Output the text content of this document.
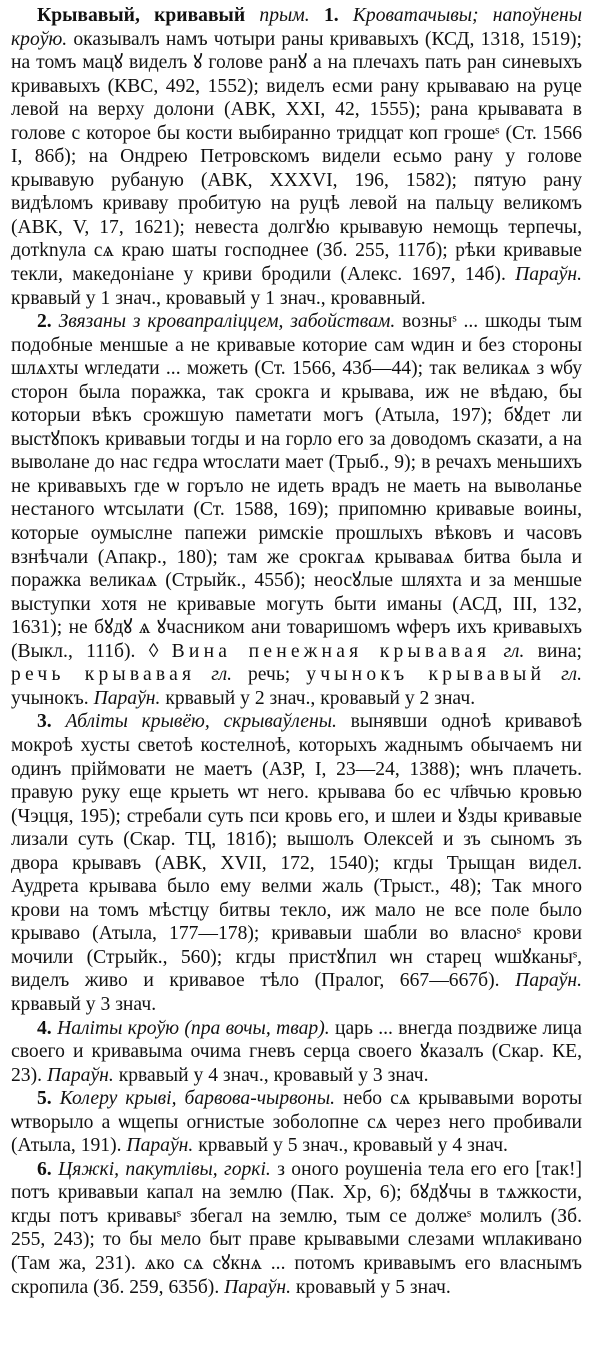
Крывавый, кривавый прым. 1. Кроватачывы; напоўнены кроўю. оказывалъ намъ чотыри раны кривавыхъ (КСД, 1318, 1519); на томъ мацꙋ виделъ ꙋ голове ранꙋ а на плечахъ пать ран синевыхъ кривавыхъ (КВС, 492, 1552); виделъ есми рану крываваю на руце левой на верху долони (АВК, XXI, 42, 1555); рана крывавата в голове с которое бы кости выбиранно тридцат коп грошеˢ (Ст. 1566 I, 86б); на Ондрею Петровскомъ видели есьмо рану у голове крывавую рубаную (АВК, XXXVI, 196, 1582); пятую рану видѣломъ криваву пробитую на руцѣ левой на пальцу великомъ (АВК, V, 17, 1621); невеста долгꙋю крывавую немощь терпечы, дотknула сѧ краю шаты господнее (Зб. 255, 117б); рѣки кривавые текли, македоніане у криви бродили (Алекс. 1697, 14б). Параўн. крвавый у 1 знач., кровавый у 1 знач., кровавный.

2. Звязаны з кровапраліццем, забойствам. возныˢ ... шкоды тым подобные меншые а не кривавые которие сам ѡдин и без стороны шлѧхты ѡгледати ... можеть (Ст. 1566, 43б—44); так великаѧ з ѡбу сторон была поражка, так срокга и крывава, иж не вѣдаю, бы которыи вѣкъ срожшую паметати могъ (Атыла, 197); бꙋдет ли выстꙋпокъ кривавыи тогды и на горло его за доводомъ сказати, а на выволане до нас гєдра ѡтослати мает (Трыб., 9); в речахъ меньшихъ не кривавыхъ где ѡ горъло не идеть врадъ не маеть на выволанье нестаного ѡтсылати (Ст. 1588, 169); припомню кривавые воины, которые оумыслне папежи римскіе прошлыхъ вѣковъ и часовъ взнѣчали (Апакр., 180); там же срокгаѧ крываваѧ битва была и поражка великаѧ (Стрыйк., 455б); неосꙋлые шляхта и за меншые выступки хотя не кривавые могуть быти иманы (АСД, III, 132, 1631); не бꙋдꙋ ѧ ꙋчасником ани товаришомъ ѡферъ ихъ кривавыхъ (Выкл., 111б). ◊ Вина пенежная крывавая гл. вина; речь крывавая гл. речь; учынокъ крывавый гл. учынокъ. Параўн. крвавый у 2 знач., кровавый у 2 знач.

3. Абліты крывёю, скрываўлены. вынявши одноѣ кривавоѣ мокроѣ хусты светоѣ костелноѣ, которыхъ жаднымъ обычаемъ ни одинъ пріймовати не маетъ (АЗР, I, 23—24, 1388); ѡнъ плачеть. правую руку еще крыеть ѡт него. крывава бо ес чл҃вчью кровью (Чэцця, 195); стребали суть пси кровь его, и шлеи и ꙋзды кривавые лизали суть (Скар. ТЦ, 181б); вышолъ Олексей и зъ сыномъ зъ двора крывавъ (АВК, XVII, 172, 1540); кгды Трыщан видел. Аудрета крывава было ему велми жаль (Трыст., 48); Так много крови на томъ мѣстцу битвы текло, иж мало не все поле было крываво (Атыла, 177—178); кривавыи шабли во власноˢ крови мочили (Стрыйк., 560); кгды пристꙋпил ѡн старец ѡшꙋканыˢ, виделъ живо и кривавое тѣло (Пралог, 667—667б). Параўн. крвавый у 3 знач.

4. Наліты кроўю (пра вочы, твар). царь ... внегда поздвиже лица своего и кривавыма очима гневъ серца своего ꙋказалъ (Скар. КЕ, 23). Параўн. крвавый у 4 знач., кровавый у 3 знач.

5. Колеру крыві, барвова-чырвоны. небо сѧ крывавыми вороты ѡтворыло а ѡщепы огнистые зоболопне сѧ через него пробивали (Атыла, 191). Параўн. крвавый у 5 знач., кровавый у 4 знач.

6. Цяжкі, пакутлівы, горкі. з оного роушеніа тела его его [так!] потъ кривавыи капал на землю (Пак. Хр, 6); бꙋдꙋчы в тѧжкости, кгды потъ кривавыˢ збегал на землю, тым се должеˢ молилъ (Зб. 255, 243); то бы мело быт праве крывавыми слезами ѡплакивано (Там жа, 231). ѧко сѧ сꙋкнѧ ... потомъ кривавымъ его власнымъ скропила (Зб. 259, 635б). Параўн. кровавый у 5 знач.
